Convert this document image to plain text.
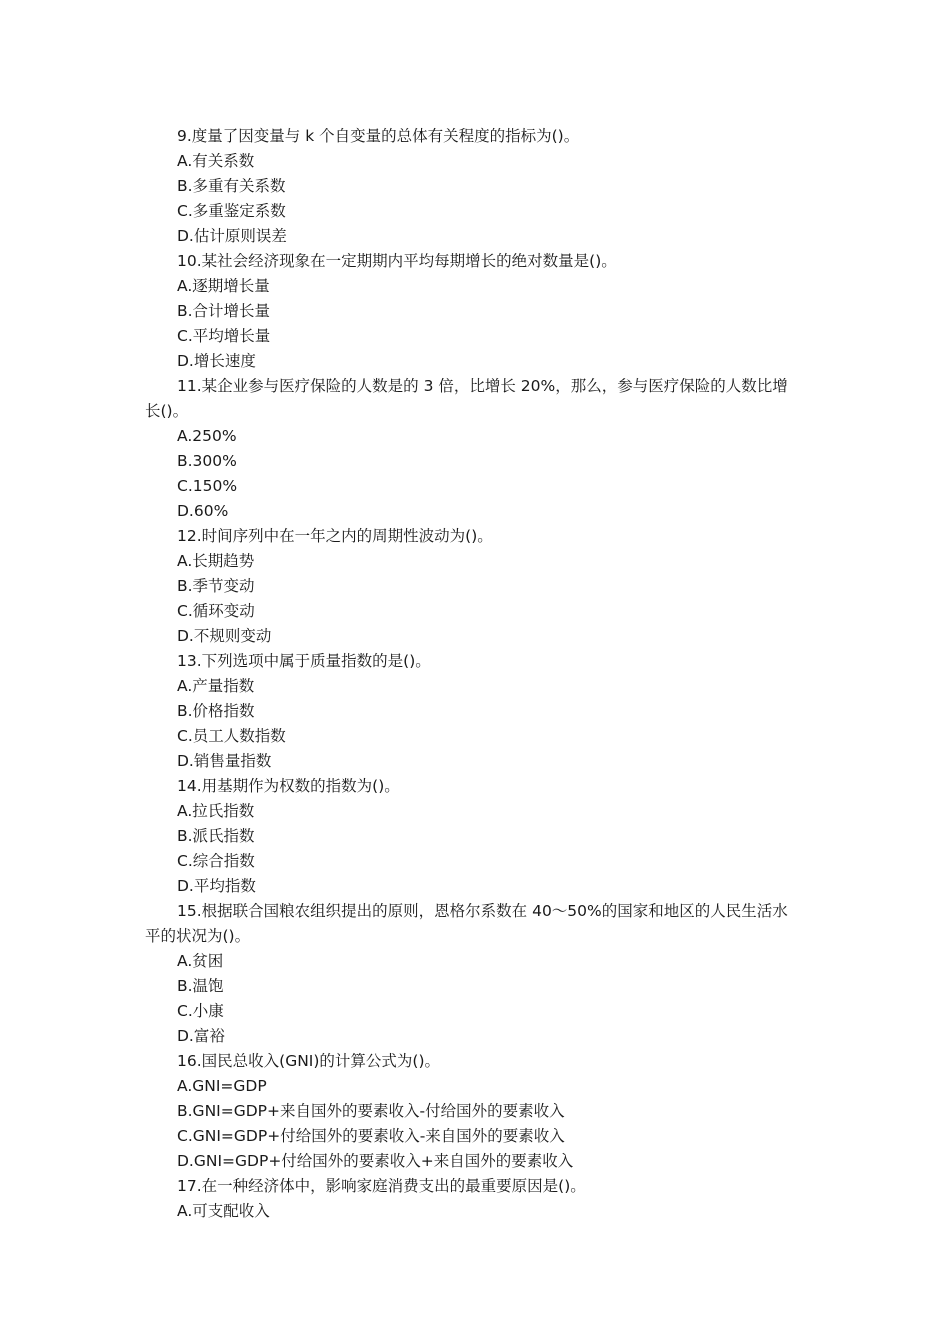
9.度量了因变量与 k 个自变量的总体有关程度的指标为()。
A.有关系数
B.多重有关系数
C.多重鉴定系数
D.估计原则误差
10.某社会经济现象在一定期期内平均每期增长的绝对数量是()。
A.逐期增长量
B.合计增长量
C.平均增长量
D.增长速度
11.某企业参与医疗保险的人数是的 3 倍，比增长 20%，那么，参与医疗保险的人数比增
长()。
A.250%
B.300%
C.150%
D.60%
12.时间序列中在一年之内的周期性波动为()。
A.长期趋势
B.季节变动
C.循环变动
D.不规则变动
13.下列选项中属于质量指数的是()。
A.产量指数
B.价格指数
C.员工人数指数
D.销售量指数
14.用基期作为权数的指数为()。
A.拉氏指数
B.派氏指数
C.综合指数
D.平均指数
15.根据联合国粮农组织提出的原则，恩格尔系数在 40～50%的国家和地区的人民生活水
平的状况为()。
A.贫困
B.温饱
C.小康
D.富裕
16.国民总收入(GNI)的计算公式为()。
A.GNI=GDP
B.GNI=GDP+来自国外的要素收入-付给国外的要素收入
C.GNI=GDP+付给国外的要素收入-来自国外的要素收入
D.GNI=GDP+付给国外的要素收入+来自国外的要素收入
17.在一种经济体中，影响家庭消费支出的最重要原因是()。
A.可支配收入
